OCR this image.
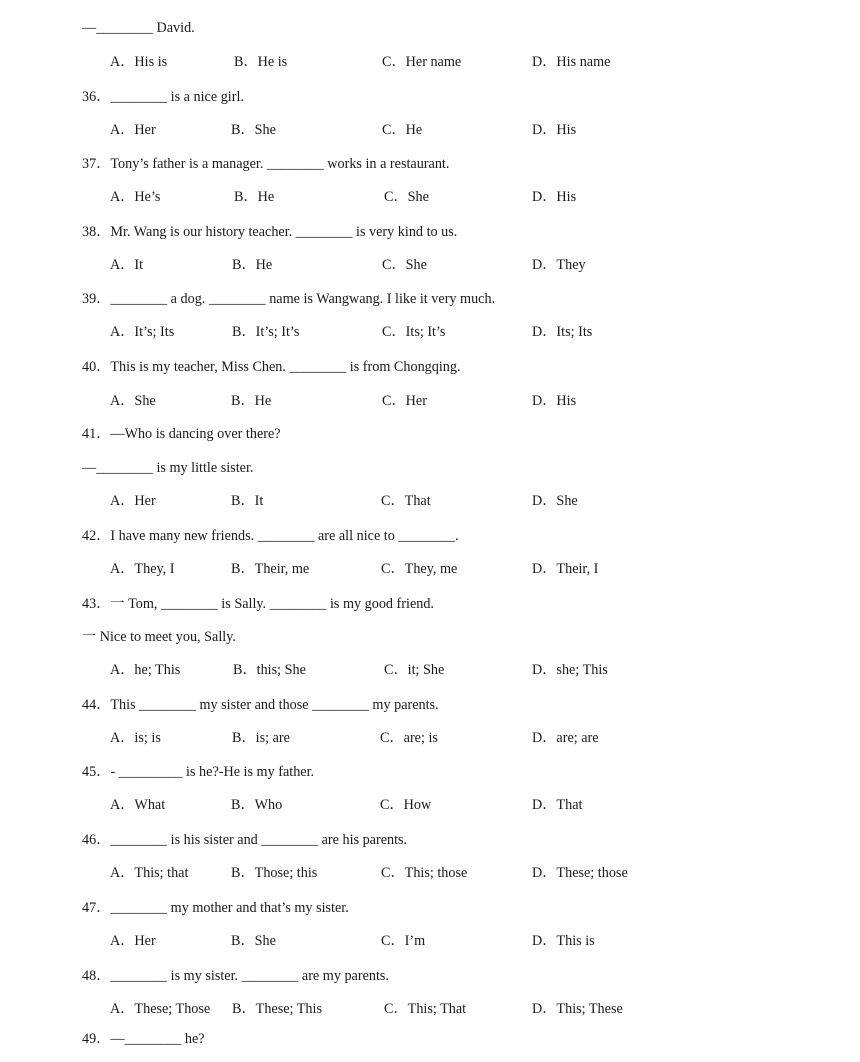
—________ David.
A．His is	B．He is	C．Her name	D．His name
36．________ is a nice girl.
A．Her	B．She	C．He	D．His
37．Tony’s father is a manager. ________ works in a restaurant.
A．He’s	B．He	C．She	D．His
38．Mr. Wang is our history teacher. ________ is very kind to us.
A．It	B．He	C．She	D．They
39．________ a dog. ________ name is Wangwang. I like it very much.
A．It’s; Its	B．It’s; It’s	C．Its; It’s	D．Its; Its
40．This is my teacher, Miss Chen. ________ is from Chongqing.
A．She	B．He	C．Her	D．His
41．—Who is dancing over there?
—________ is my little sister.
A．Her	B．It	C．That	D．She
42．I have many new friends. ________ are all nice to ________.
A．They, I	B．Their, me	C．They, me	D．Their, I
43．一 Tom, ________ is Sally. ________ is my good friend.
一 Nice to meet you, Sally.
A．he; This	B．this; She	C．it; She	D．she; This
44．This ________ my sister and those ________ my parents.
A．is; is	B．is; are	C．are; is	D．are; are
45．- _________ is he?-He is my father.
A．What	B．Who	C．How	D．That
46．________ is his sister and ________ are his parents.
A．This; that	B．Those; this	C．This; those	D．These; those
47．________ my mother and that’s my sister.
A．Her	B．She	C．I’m	D．This is
48．________ is my sister. ________ are my parents.
A．These; Those B．These; This	C．This; That	D．This; These
49．—________ he?
